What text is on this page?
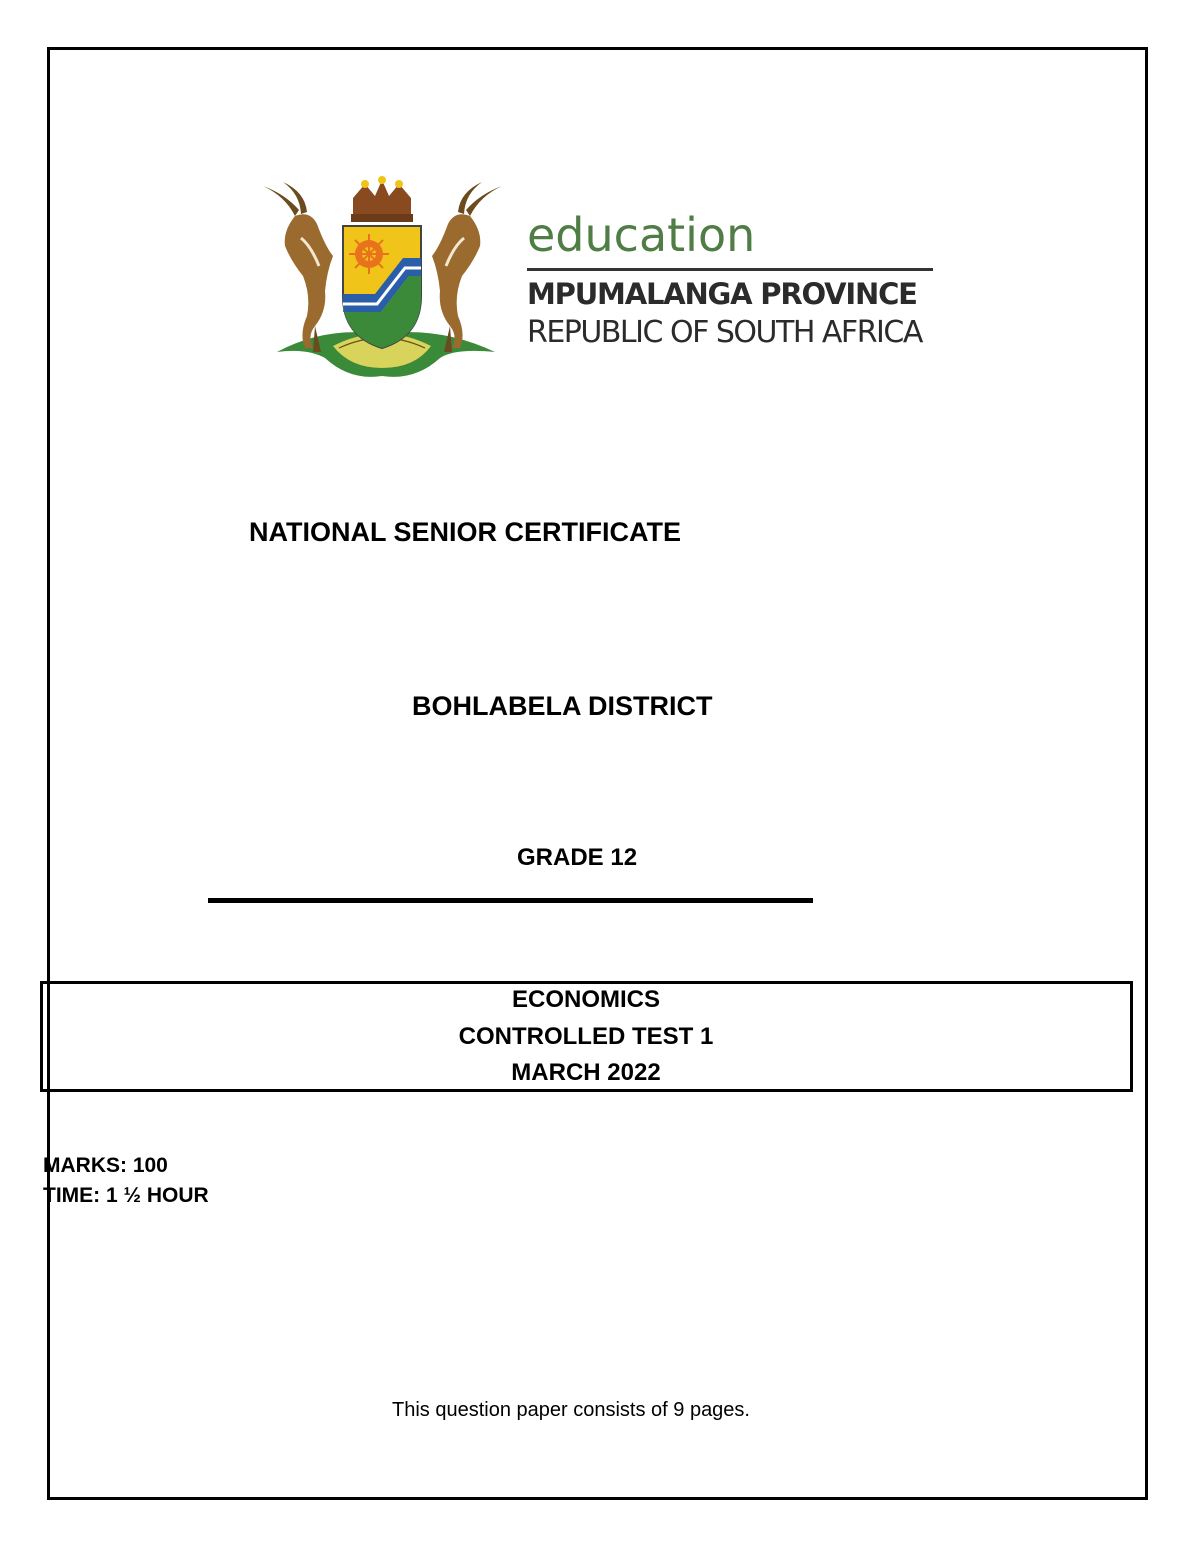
education
MPUMALANGA PROVINCE
REPUBLIC OF SOUTH AFRICA
NATIONAL SENIOR CERTIFICATE
BOHLABELA DISTRICT
GRADE 12
ECONOMICS
CONTROLLED TEST 1
MARCH 2022
MARKS: 100
TIME: 1 ½ HOUR
This question paper consists of 9 pages.
